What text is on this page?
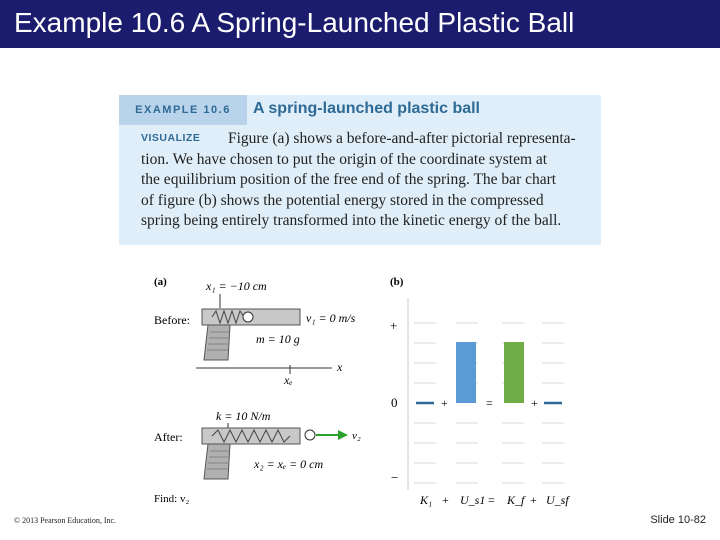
Example 10.6 A Spring-Launched Plastic Ball
EXAMPLE 10.6	A spring-launched plastic ball
VISUALIZE	Figure (a) shows a before-and-after pictorial representa-
tion. We have chosen to put the origin of the coordinate system at
the equilibrium position of the free end of the spring. The bar chart
of figure (b) shows the potential energy stored in the compressed
spring being entirely transformed into the kinetic energy of the ball.
(a)	x₁ = −10 cm
Before:	v₁ = 0 m/s
m = 10 g
x
xₑ
k = 10 N/m
After:	v₂
x₂ = xₑ = 0 cm
Find: v₂
(b)
+
0
−
+	=	+
K₁ + U_s1 = K_f + U_sf
© 2013 Pearson Education, Inc.	Slide 10-82
